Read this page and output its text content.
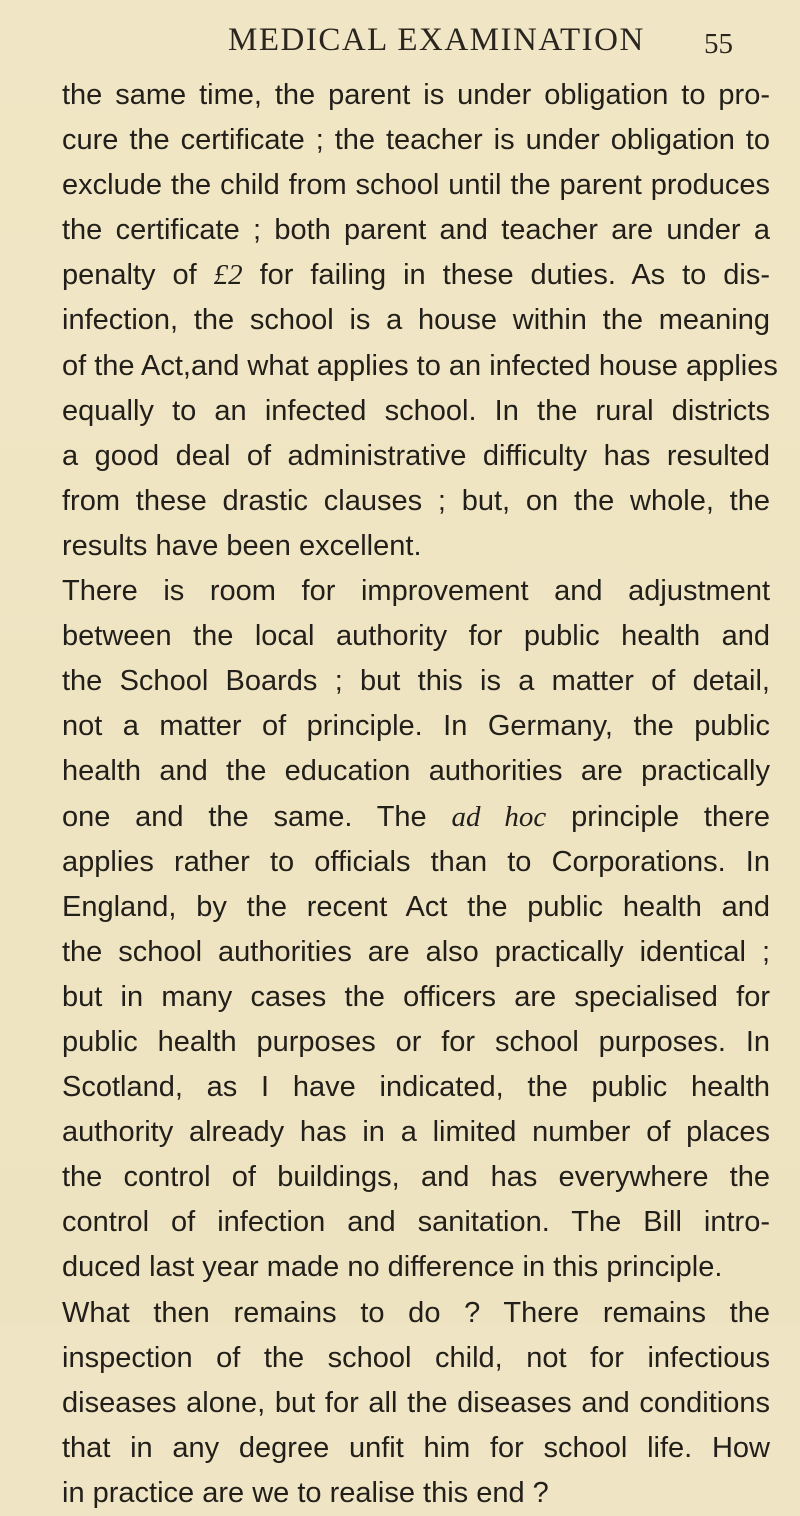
MEDICAL EXAMINATION 55
the same time, the parent is under obligation to pro-
cure the certificate ; the teacher is under obligation to
exclude the child from school until the parent produces
the certificate ; both parent and teacher are under a
penalty of £2 for failing in these duties. As to dis-
infection, the school is a house within the meaning
of the Act,and what applies to an infected house applies
equally to an infected school. In the rural districts
a good deal of administrative difficulty has resulted
from these drastic clauses ; but, on the whole, the
results have been excellent.
There is room for improvement and adjustment
between the local authority for public health and
the School Boards ; but this is a matter of detail,
not a matter of principle. In Germany, the public
health and the education authorities are practically
one and the same. The ad hoc principle there
applies rather to officials than to Corporations. In
England, by the recent Act the public health and
the school authorities are also practically identical ;
but in many cases the officers are specialised for
public health purposes or for school purposes. In
Scotland, as I have indicated, the public health
authority already has in a limited number of places
the control of buildings, and has everywhere the
control of infection and sanitation. The Bill intro-
duced last year made no difference in this principle.
What then remains to do ? There remains the
inspection of the school child, not for infectious
diseases alone, but for all the diseases and conditions
that in any degree unfit him for school life. How
in practice are we to realise this end ?
